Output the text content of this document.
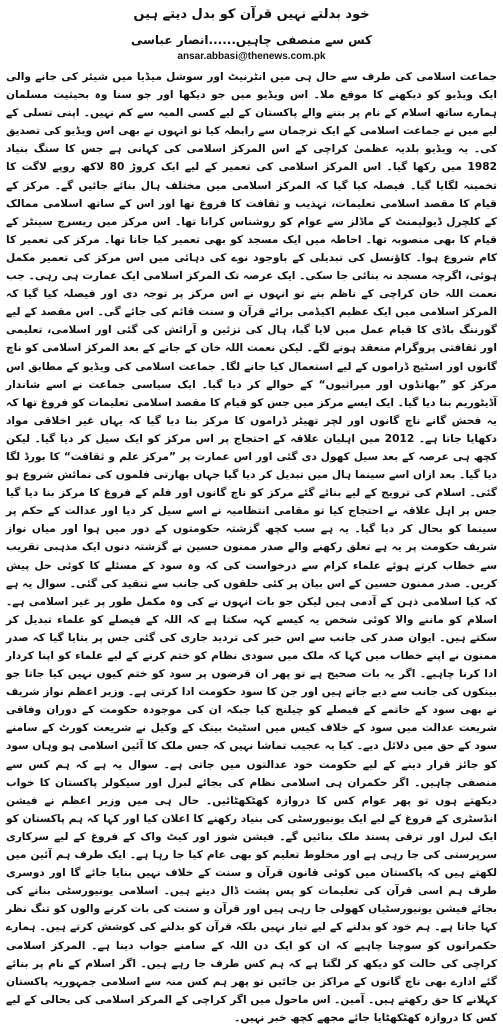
خود بدلتے نہیں قرآن کو بدل دیتے ہیں
کس سے منصفی چاہیں......انصار عباسی
ansar.abbasi@thenews.com.pk

جماعت اسلامی کی طرف سے حال ہی میں انٹرنیٹ اور سوشل میڈیا میں شیئر کی جانے والی ایک ویڈیو کو دیکھنے کا موقع ملا۔ اس ویڈیو میں جو دیکھا اور جو سنا وہ بحیثیت مسلمان ہمارے ساتھ اسلام کے نام پر بننے والے پاکستان کے لیے کسی المیہ سے کم نہیں۔ اپنی تسلی کے لیے میں نے جماعت اسلامی کے ایک ترجمان سے رابطہ کیا تو انہوں نے بھی اس ویڈیو کی تصدیق کی۔ یہ ویڈیو بلدیہ عظمیٰ کراچی کے اس المرکز اسلامی کی کہانی ہے جس کا سنگ بنیاد 1982 میں رکھا گیا۔ اس المرکز اسلامی کی تعمیر کے لیے ایک کروڑ 80 لاکھ روپے لاگت کا تخمینہ لگایا گیا۔ فیصلہ کیا گیا کہ المرکز اسلامی میں مختلف ہال بنائے جائیں گے۔ مرکز کے قیام کا مقصد اسلامی تعلیمات، تہذیب و ثقافت کا فروغ تھا اور اس کے ساتھ اسلامی ممالک کے کلچرل ڈیولپمنٹ کے ماڈلز سے عوام کو روشناس کرانا تھا۔ اس مرکز میں ریسرچ سینٹر کے قیام کا بھی منصوبہ تھا۔ احاطہ میں ایک مسجد کو بھی تعمیر کیا جانا تھا۔ مرکز کی تعمیر کا کام شروع ہوا۔ کاؤنسل کی تبدیلی کے باوجود نوے کی دہائی میں اس مرکز کی تعمیر مکمل ہوئی، اگرچہ مسجد نہ بنائی جا سکی۔ ایک عرصہ تک المرکز اسلامی ایک عمارت ہی رہی۔ جب نعمت اللہ خان کراچی کے ناظم بنے تو انہوں نے اس مرکز پر توجہ دی اور فیصلہ کیا گیا کہ المرکز اسلامی میں ایک عظیم اکیڈمی برائے قرآن و سنت قائم کی جائے گی۔ اس مقصد کے لیے گورننگ باڈی کا قیام عمل میں لایا گیا، ہال کی تزئین و آرائش کی گئی اور اسلامی، تعلیمی اور ثقافتی پروگرام منعقد ہونے لگے۔ لیکن نعمت اللہ خان کے جانے کے بعد المرکز اسلامی کو ناچ گانوں اور اسٹیج ڈراموں کے لیے استعمال کیا جانے لگا۔ جماعت اسلامی کی ویڈیو کے مطابق اس مرکز کو ”بھانڈوں اور میراثیوں“ کے حوالے کر دیا گیا۔ ایک سیاسی جماعت نے اسے شاندار آڈیٹوریم بنا دیا گیا۔ ایک ایسے مرکز میں جس کو قیام کا مقصد اسلامی تعلیمات کو فروغ تھا کہ یہ فحش گانے ناچ گانوں اور لچر تھیٹر ڈراموں کا مرکز بنا دیا گیا کہ یہاں غیر اخلاقی مواد دکھایا جاتا ہے۔ 2012 میں اہلیان علاقہ کے احتجاج پر اس مرکز کو ایک سیل کر دیا گیا۔ لیکن کچھ ہی عرصہ کے بعد سیل کھول دی گئی اور اس عمارت پر ”مرکز علم و ثقافت“ کا بورڈ لگا دیا گیا۔ بعد ازاں اسے سینما ہال میں تبدیل کر دیا گیا جہاں بھارتی فلموں کی نمائش شروع ہو گئی۔ اسلام کی ترویج کے لیے بنائے گئے مرکز کو ناچ گانوں اور فلم کے فروغ کا مرکز بنا دیا گیا جس پر اہل علاقہ نے احتجاج کیا تو مقامی انتظامیہ نے اسے سیل کر دیا اور عدالت کے حکم پر سینما کو بحال کر دیا گیا۔ یہ ہے سب کچھ گزشتہ حکومتوں کے دور میں ہوا اور میاں نواز شریف حکومت پر یہ ہے تعلق رکھنے والے صدر ممنون حسین نے گزشتہ دنوں ایک مذہبی تقریب سے خطاب کرتے ہوئے علماء کرام سے درخواست کی کہ وہ سود کے مسئلے کا کوئی حل پیش کریں۔ صدر ممنون حسین کے اس بیان پر کئی حلقوں کی جانب سے تنقید کی گئی۔ سوال یہ ہے کہ کیا اسلامی ذہن کے آدمی ہیں لیکن جو بات انہوں نے کی وہ مکمل طور پر غیر اسلامی ہے۔ اسلام کو ماننے والا کوئی شخص یہ کیسے کہہ سکتا ہے کہ اللہ کے فیصلے کو علماء تبدیل کر سکتے ہیں۔ ایوان صدر کی جانب سے اس خبر کی تردید جاری کی گئی جس پر بتایا گیا کہ صدر ممنون نے اپنے خطاب میں کہا کہ ملک میں سودی نظام کو ختم کرنے کے لیے علماء کو اپنا کردار ادا کرنا چاہیے۔ اگر یہ بات صحیح ہے تو پھر ان قرضوں پر سود کو ختم کیوں نہیں کیا جاتا جو بینکوں کی جانب سے دیے جاتے ہیں اور جن کا سود حکومت ادا کرتی ہے۔ وزیر اعظم نواز شریف نے بھی سود کے خاتمے کے فیصلے کو چیلنج کیا جبکہ ان کی موجودہ حکومت کے دوران وفاقی شریعت عدالت میں سود کے خلاف کیس میں اسٹیٹ بینک کے وکیل نے شریعت کورٹ کے سامنے سود کے حق میں دلائل دیے۔ کیا یہ عجیب تماشا نہیں کہ جس ملک کا آئین اسلامی ہو وہاں سود کو جائز قرار دینے کے لیے حکومت خود عدالتوں میں جاتی ہے۔ سوال یہ ہے کہ ہم کس سے منصفی چاہیں۔ اگر حکمران ہی اسلامی نظام کی بجائے لبرل اور سیکولر پاکستان کا خواب دیکھتے ہوں تو پھر عوام کس کا دروازہ کھٹکھٹائیں۔ حال ہی میں وزیر اعظم نے فیشن انڈسٹری کے فروغ کے لیے ایک یونیورسٹی کی بنیاد رکھنے کا اعلان کیا اور کہا کہ ہم پاکستان کو ایک لبرل اور ترقی پسند ملک بنائیں گے۔ فیشن شوز اور کیٹ واک کے فروغ کے لیے سرکاری سرپرستی کی جا رہی ہے اور مخلوط تعلیم کو بھی عام کیا جا رہا ہے۔ ایک طرف ہم آئین میں لکھتے ہیں کہ پاکستان میں کوئی قانون قرآن و سنت کے خلاف نہیں بنایا جائے گا اور دوسری طرف ہم اسی قرآن کی تعلیمات کو پس پشت ڈال دیتے ہیں۔ اسلامی یونیورسٹی بنانے کی بجائے فیشن یونیورسٹیاں کھولی جا رہی ہیں اور قرآن و سنت کی بات کرنے والوں کو تنگ نظر کہا جاتا ہے۔ ہم خود کو بدلنے کے لیے تیار نہیں بلکہ قرآن کو بدلنے کی کوشش کرتے ہیں۔ ہمارے حکمرانوں کو سوچنا چاہیے کہ ان کو ایک دن اللہ کے سامنے جواب دینا ہے۔ المرکز اسلامی کراچی کی حالت کو دیکھ کر لگتا ہے کہ ہم کس طرف جا رہے ہیں۔ اگر اسلام کے نام پر بنائے گئے ادارے بھی ناچ گانوں کے مراکز بن جائیں تو پھر ہم کس منہ سے اسلامی جمہوریہ پاکستان کہلانے کا حق رکھتے ہیں۔ آمین۔ اس ماحول میں اگر کراچی کے المرکز اسلامی کی بحالی کے لیے کس کا دروازہ کھٹکھٹایا جائے مجھے کچھ خبر نہیں۔
